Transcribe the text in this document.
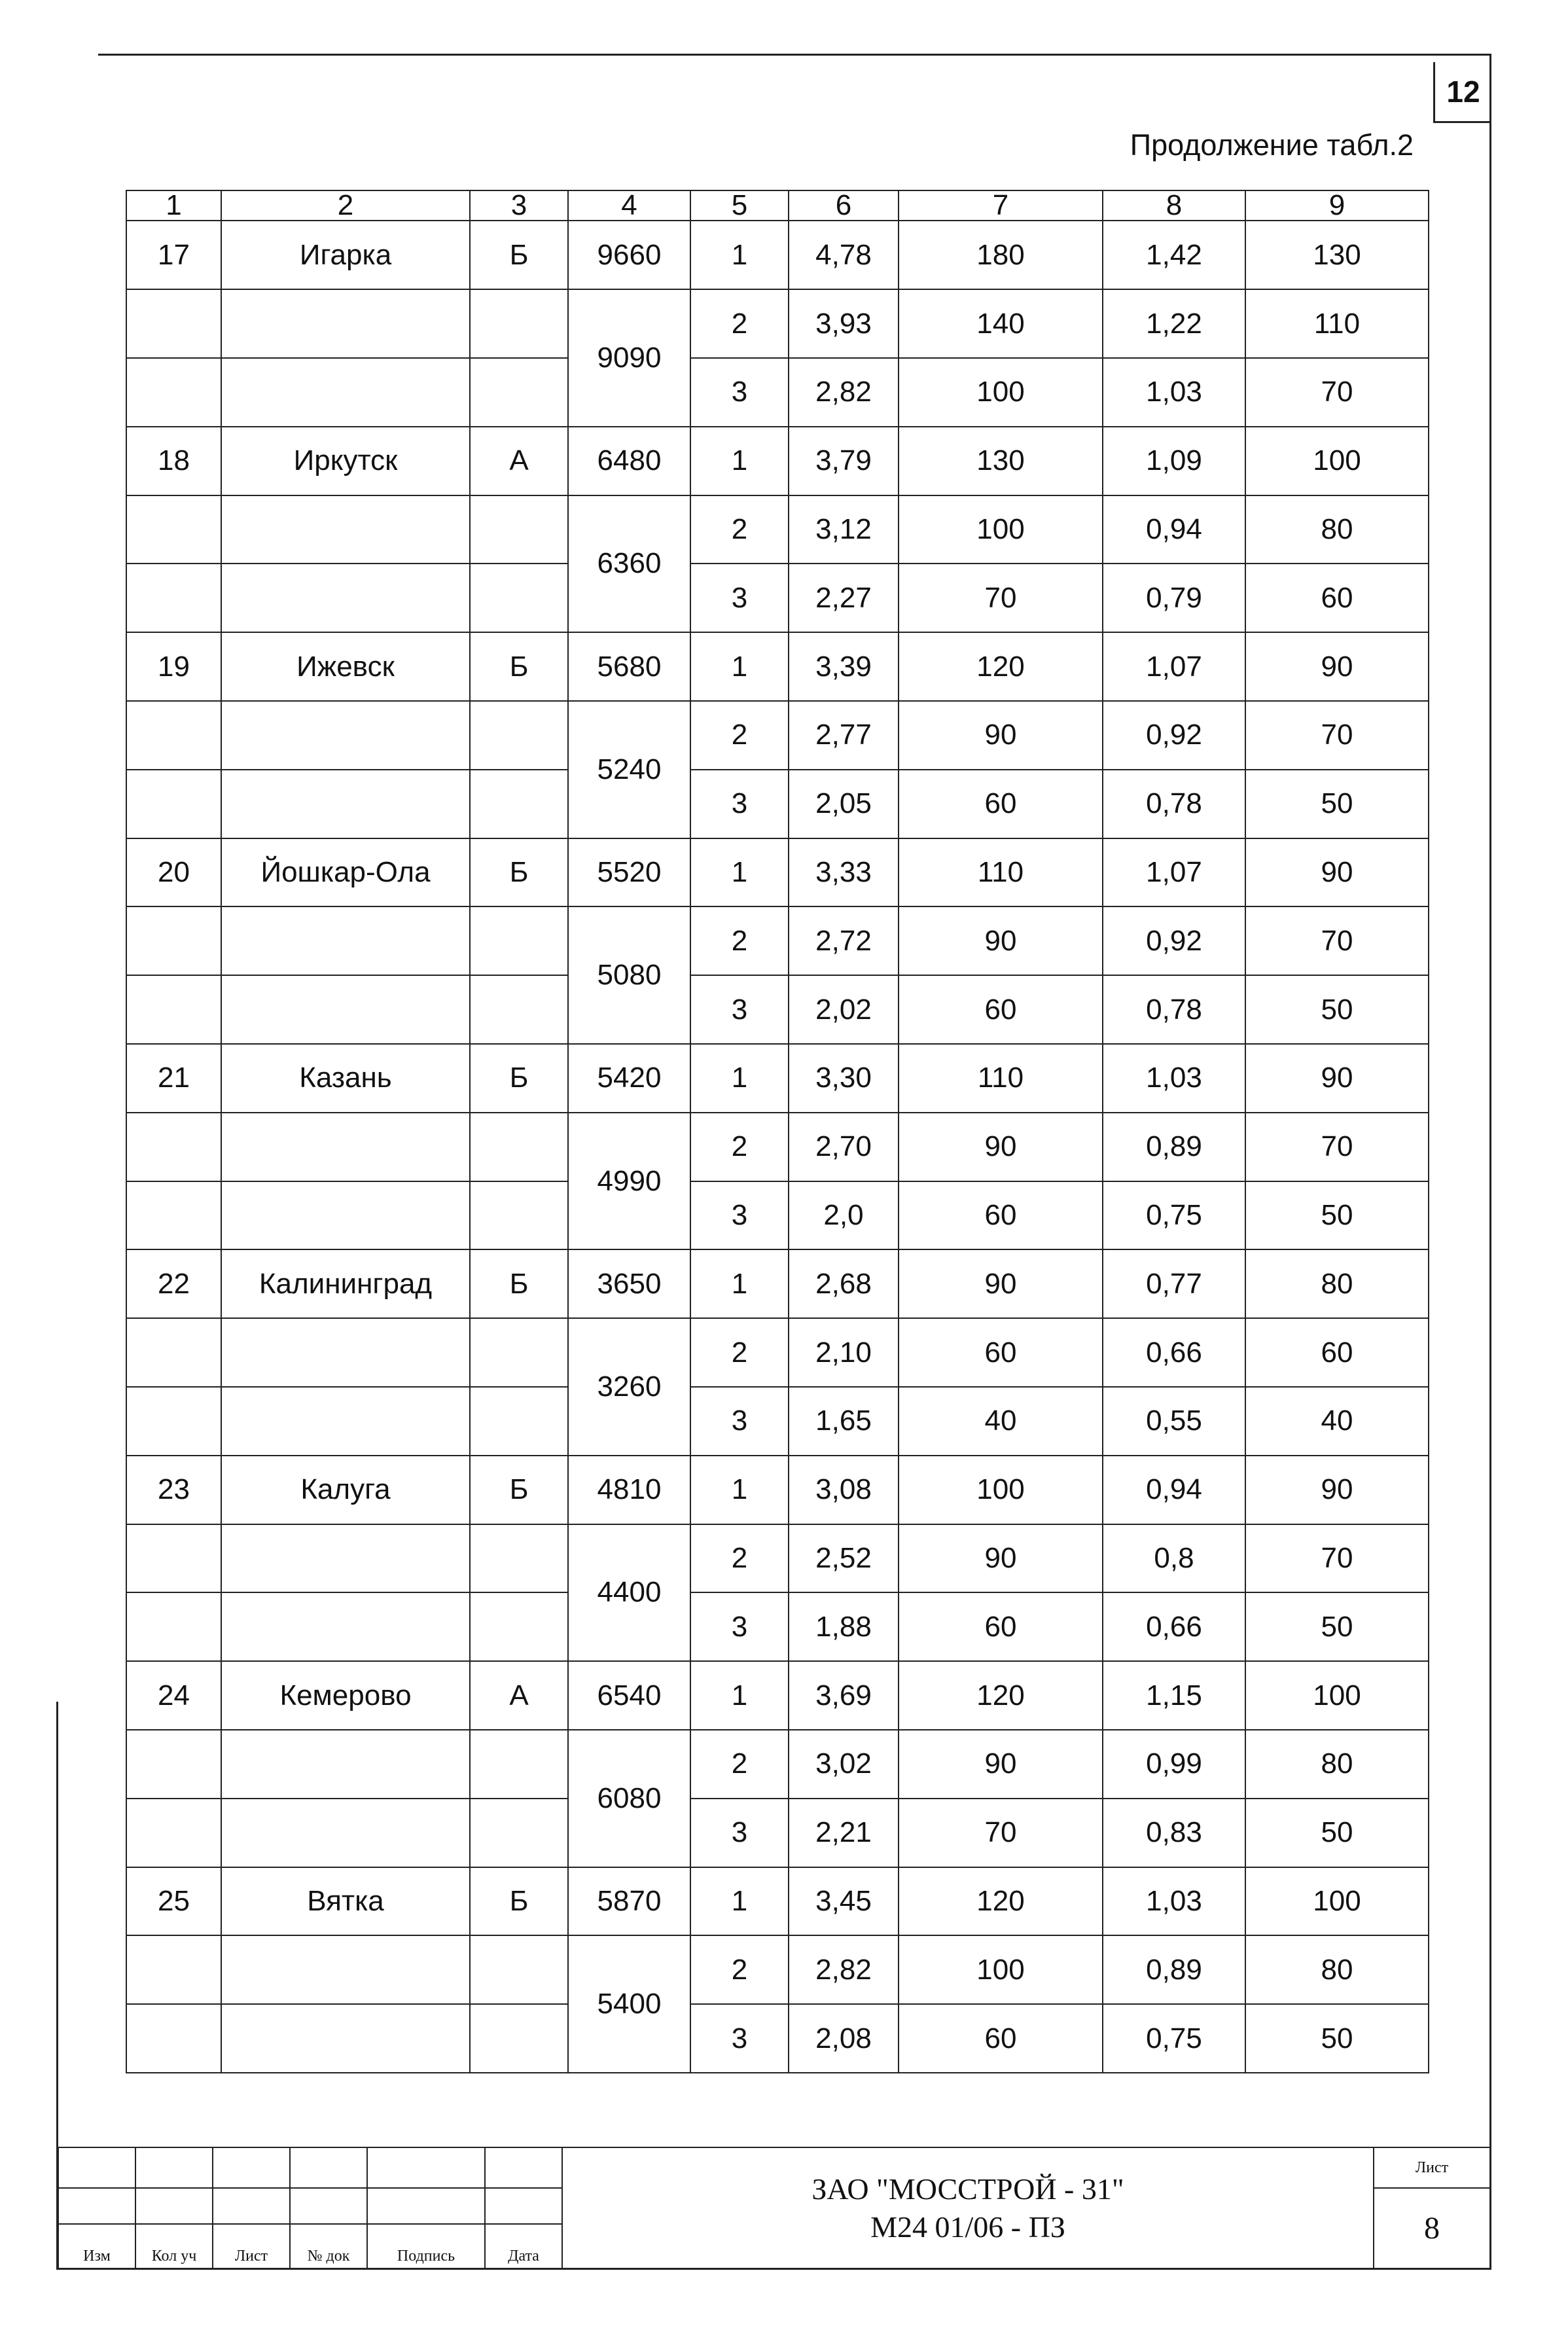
12
Продолжение табл.2
1	2	3	4	5	6	7	8	9
17	Игарка	Б	9660	1	4,78	180	1,42	130
			9090	2	3,93	140	1,22	110
				3	2,82	100	1,03	70
18	Иркутск	А	6480	1	3,79	130	1,09	100
			6360	2	3,12	100	0,94	80
				3	2,27	70	0,79	60
19	Ижевск	Б	5680	1	3,39	120	1,07	90
			5240	2	2,77	90	0,92	70
				3	2,05	60	0,78	50
20	Йошкар-Ола	Б	5520	1	3,33	110	1,07	90
			5080	2	2,72	90	0,92	70
				3	2,02	60	0,78	50
21	Казань	Б	5420	1	3,30	110	1,03	90
			4990	2	2,70	90	0,89	70
				3	2,0	60	0,75	50
22	Калининград	Б	3650	1	2,68	90	0,77	80
			3260	2	2,10	60	0,66	60
				3	1,65	40	0,55	40
23	Калуга	Б	4810	1	3,08	100	0,94	90
			4400	2	2,52	90	0,8	70
				3	1,88	60	0,66	50
24	Кемерово	А	6540	1	3,69	120	1,15	100
			6080	2	3,02	90	0,99	80
				3	2,21	70	0,83	50
25	Вятка	Б	5870	1	3,45	120	1,03	100
			5400	2	2,82	100	0,89	80
				3	2,08	60	0,75	50

						ЗАО "МОССТРОЙ - 31"
М24 01/06 - ПЗ	Лист
							8
Изм	Кол уч	Лист	№ док	Подпись	Дата		
